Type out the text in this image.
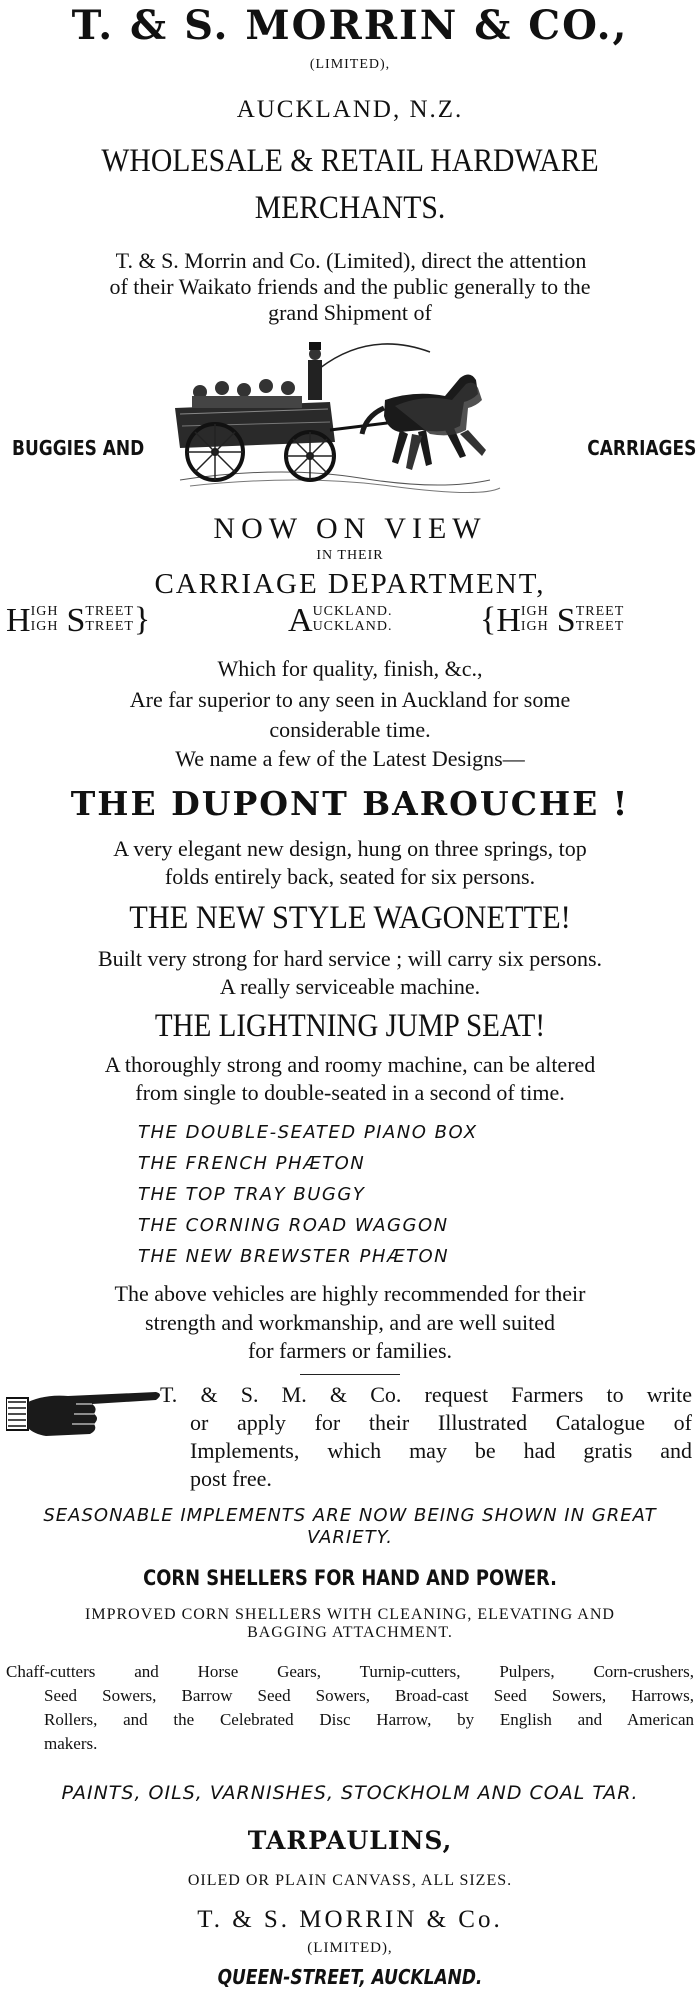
T. & S. MORRIN & CO.,
(LIMITED),
AUCKLAND, N.Z.
WHOLESALE & RETAIL HARDWARE
MERCHANTS.
T. & S. Morrin and Co. (Limited), direct the attention
of their Waikato friends and the public generally to the
grand Shipment of
BUGGIES AND	CARRIAGES
NOW ON VIEW
IN THEIR
CARRIAGE DEPARTMENT,
HIGH
IGH STREET
TREET}	AUCKLAND.
UCKLAND.	{HIGH
IGH STREET
TREET
Which for quality, finish, &c.,
Are far superior to any seen in Auckland for some
considerable time.
We name a few of the Latest Designs—
THE DUPONT BAROUCHE !
A very elegant new design, hung on three springs, top
folds entirely back, seated for six persons.
THE NEW STYLE WAGONETTE!
Built very strong for hard service ; will carry six persons.
A really serviceable machine.
THE LIGHTNING JUMP SEAT!
A thoroughly strong and roomy machine, can be altered
from single to double-seated in a second of time.
THE DOUBLE-SEATED PIANO BOX
THE FRENCH PHÆTON
THE TOP TRAY BUGGY
THE CORNING ROAD WAGGON
THE NEW BREWSTER PHÆTON
The above vehicles are highly recommended for their
strength and workmanship, and are well suited
for farmers or families.
T. & S. M. & Co. request Farmers to write
or apply for their Illustrated Catalogue of
Implements, which may be had gratis and
post free.
SEASONABLE IMPLEMENTS ARE NOW BEING SHOWN IN GREAT
VARIETY.
CORN SHELLERS FOR HAND AND POWER.
IMPROVED CORN SHELLERS WITH CLEANING, ELEVATING AND
BAGGING ATTACHMENT.
Chaff-cutters and Horse Gears, Turnip-cutters, Pulpers, Corn-crushers,
Seed Sowers, Barrow Seed Sowers, Broad-cast Seed Sowers, Harrows,
Rollers, and the Celebrated Disc Harrow, by English and American
makers.
PAINTS, OILS, VARNISHES, STOCKHOLM AND COAL TAR.
TARPAULINS,
OILED OR PLAIN CANVASS, ALL SIZES.
T. & S. MORRIN & Co.
(LIMITED),
QUEEN-STREET, AUCKLAND.
